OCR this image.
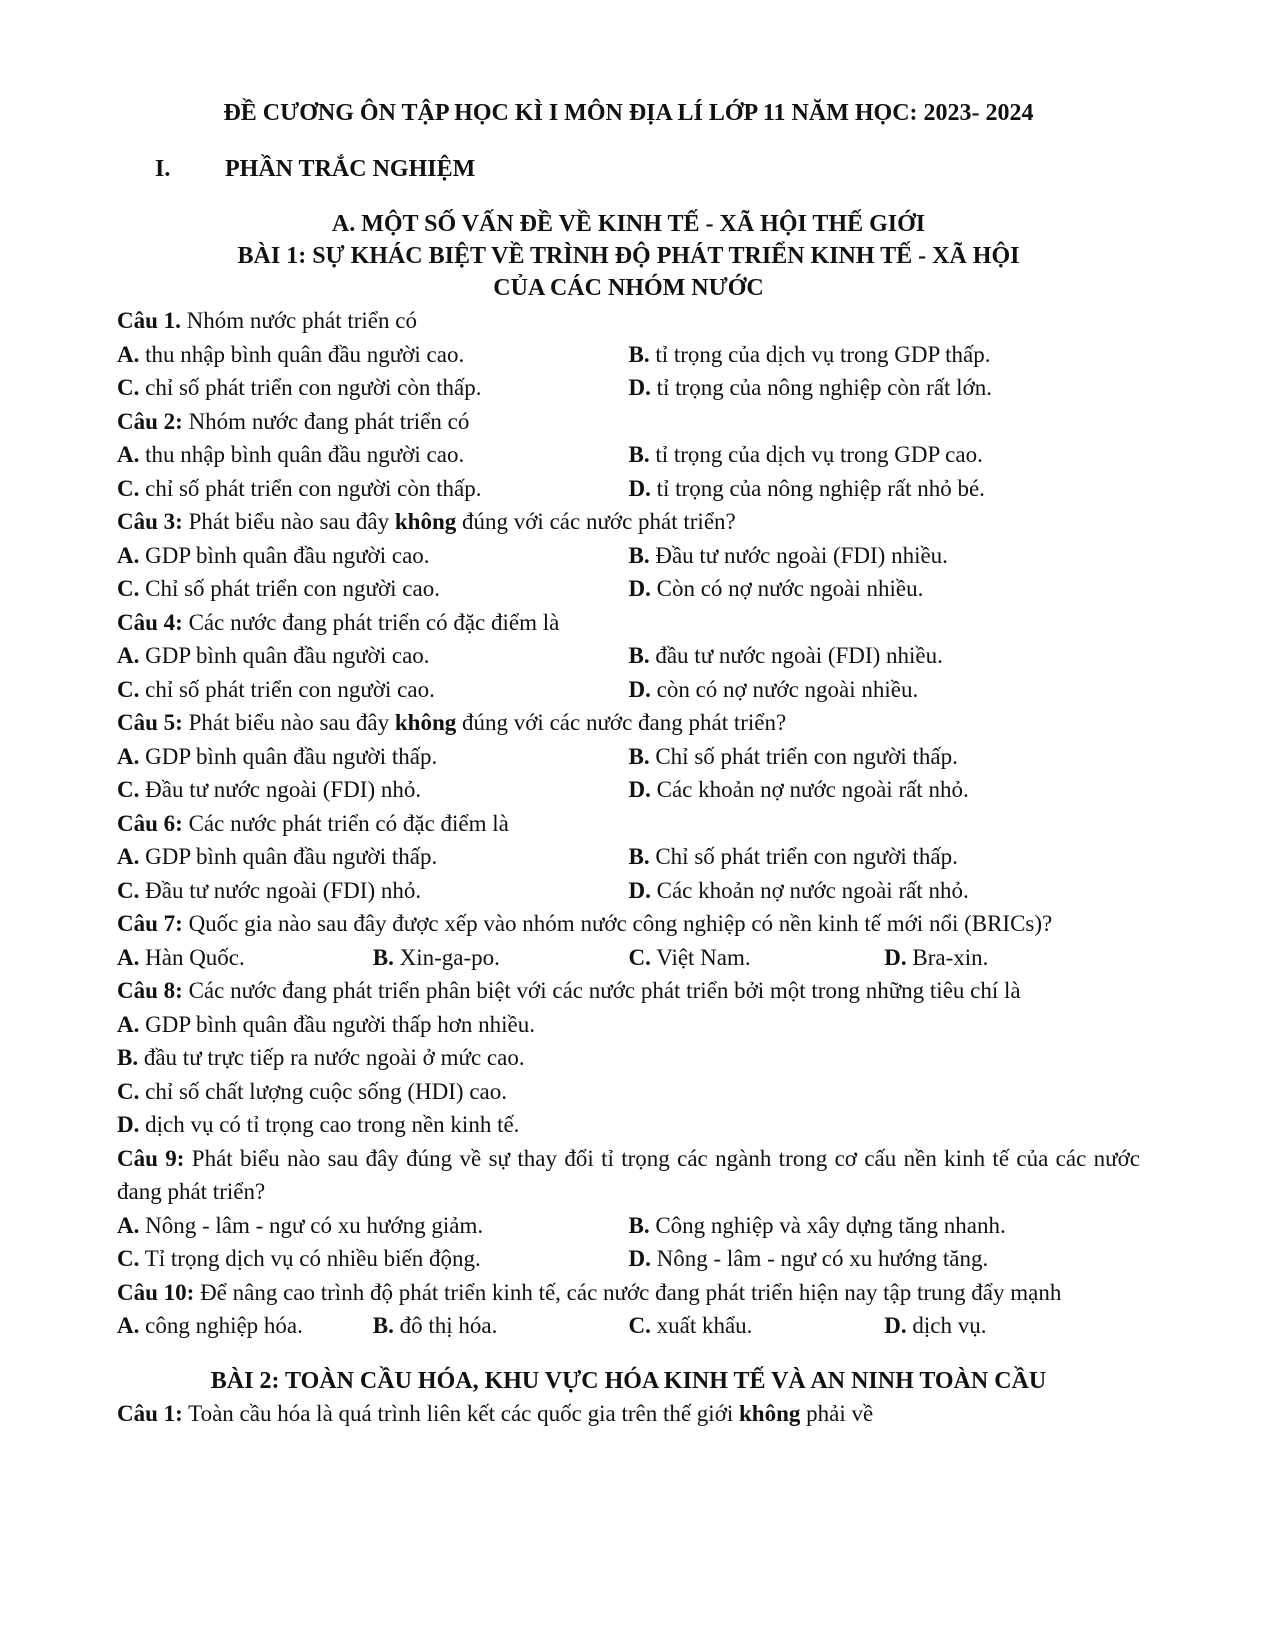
ĐỀ CƯƠNG ÔN TẬP HỌC KÌ I MÔN ĐỊA LÍ LỚP 11 NĂM HỌC: 2023- 2024

I.	PHẦN TRẮC NGHIỆM

A. MỘT SỐ VẤN ĐỀ VỀ KINH TẾ - XÃ HỘI THẾ GIỚI

BÀI 1: SỰ KHÁC BIỆT VỀ TRÌNH ĐỘ PHÁT TRIỂN KINH TẾ - XÃ HỘI

CỦA CÁC NHÓM NƯỚC

Câu 1. Nhóm nước phát triển có

A. thu nhập bình quân đầu người cao.	B. tỉ trọng của dịch vụ trong GDP thấp.

C. chỉ số phát triển con người còn thấp.	D. tỉ trọng của nông nghiệp còn rất lớn.

Câu 2: Nhóm nước đang phát triển có

A. thu nhập bình quân đầu người cao.	B. tỉ trọng của dịch vụ trong GDP cao.

C. chỉ số phát triển con người còn thấp.	D. tỉ trọng của nông nghiệp rất nhỏ bé.

Câu 3: Phát biểu nào sau đây không đúng với các nước phát triển?

A. GDP bình quân đầu người cao.	B. Đầu tư nước ngoài (FDI) nhiều.

C. Chỉ số phát triển con người cao.	D. Còn có nợ nước ngoài nhiều.

Câu 4: Các nước đang phát triển có đặc điểm là

A. GDP bình quân đầu người cao.	B. đầu tư nước ngoài (FDI) nhiều.

C. chỉ số phát triển con người cao.	D. còn có nợ nước ngoài nhiều.

Câu 5: Phát biểu nào sau đây không đúng với các nước đang phát triển?

A. GDP bình quân đầu người thấp.	B. Chỉ số phát triển con người thấp.

C. Đầu tư nước ngoài (FDI) nhỏ.	D. Các khoản nợ nước ngoài rất nhỏ.

Câu 6: Các nước phát triển có đặc điểm là

A. GDP bình quân đầu người thấp.	B. Chỉ số phát triển con người thấp.

C. Đầu tư nước ngoài (FDI) nhỏ.	D. Các khoản nợ nước ngoài rất nhỏ.

Câu 7: Quốc gia nào sau đây được xếp vào nhóm nước công nghiệp có nền kinh tế mới nổi (BRICs)?

A. Hàn Quốc.	B. Xin-ga-po.	C. Việt Nam.	D. Bra-xin.

Câu 8: Các nước đang phát triển phân biệt với các nước phát triển bởi một trong những tiêu chí là

A. GDP bình quân đầu người thấp hơn nhiều.

B. đầu tư trực tiếp ra nước ngoài ở mức cao.

C. chỉ số chất lượng cuộc sống (HDI) cao.

D. dịch vụ có tỉ trọng cao trong nền kinh tế.

Câu 9: Phát biểu nào sau đây đúng về sự thay đổi tỉ trọng các ngành trong cơ cấu nền kinh tế của các nước đang phát triển?

A. Nông - lâm - ngư có xu hướng giảm.	B. Công nghiệp và xây dựng tăng nhanh.

C. Tỉ trọng dịch vụ có nhiều biến động.	D. Nông - lâm - ngư có xu hướng tăng.

Câu 10: Để nâng cao trình độ phát triển kinh tế, các nước đang phát triển hiện nay tập trung đẩy mạnh

A. công nghiệp hóa.	B. đô thị hóa.	C. xuất khẩu.	D. dịch vụ.

BÀI 2: TOÀN CẦU HÓA, KHU VỰC HÓA KINH TẾ VÀ AN NINH TOÀN CẦU

Câu 1: Toàn cầu hóa là quá trình liên kết các quốc gia trên thế giới không phải về
